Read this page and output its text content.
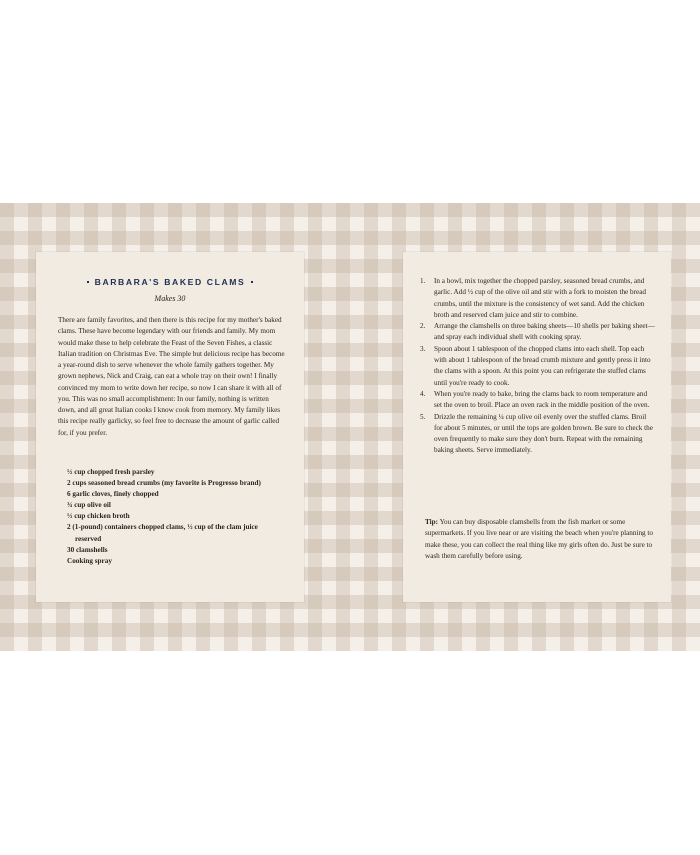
BARBARA'S BAKED CLAMS
Makes 30

There are family favorites, and then there is this recipe for my mother's baked clams. These have become legendary with our friends and family. My mom would make these to help celebrate the Feast of the Seven Fishes, a classic Italian tradition on Christmas Eve. The simple but delicious recipe has become a year-round dish to serve whenever the whole family gathers together. My grown nephews, Nick and Craig, can eat a whole tray on their own! I finally convinced my mom to write down her recipe, so now I can share it with all of you. This was no small accomplishment: In our family, nothing is written down, and all great Italian cooks I know cook from memory. My family likes this recipe really garlicky, so feel free to decrease the amount of garlic called for, if you prefer.

½ cup chopped fresh parsley
2 cups seasoned bread crumbs (my favorite is Progresso brand)
6 garlic cloves, finely chopped
¾ cup olive oil
½ cup chicken broth
2 (1-pound) containers chopped clams, ½ cup of the clam juice reserved
30 clamshells
Cooking spray
1.	In a bowl, mix together the chopped parsley, seasoned bread crumbs, and garlic. Add ½ cup of the olive oil and stir with a fork to moisten the bread crumbs, until the mixture is the consistency of wet sand. Add the chicken broth and reserved clam juice and stir to combine.
2.	Arrange the clamshells on three baking sheets—10 shells per baking sheet—and spray each individual shell with cooking spray.
3.	Spoon about 1 tablespoon of the chopped clams into each shell. Top each with about 1 tablespoon of the bread crumb mixture and gently press it into the clams with a spoon. At this point you can refrigerate the stuffed clams until you're ready to cook.
4.	When you're ready to bake, bring the clams back to room temperature and set the oven to broil. Place an oven rack in the middle position of the oven.
5.	Drizzle the remaining ¼ cup olive oil evenly over the stuffed clams. Broil for about 5 minutes, or until the tops are golden brown. Be sure to check the oven frequently to make sure they don't burn. Repeat with the remaining baking sheets. Serve immediately.

Tip: You can buy disposable clamshells from the fish market or some supermarkets. If you live near or are visiting the beach when you're planning to make these, you can collect the real thing like my girls often do. Just be sure to wash them carefully before using.
